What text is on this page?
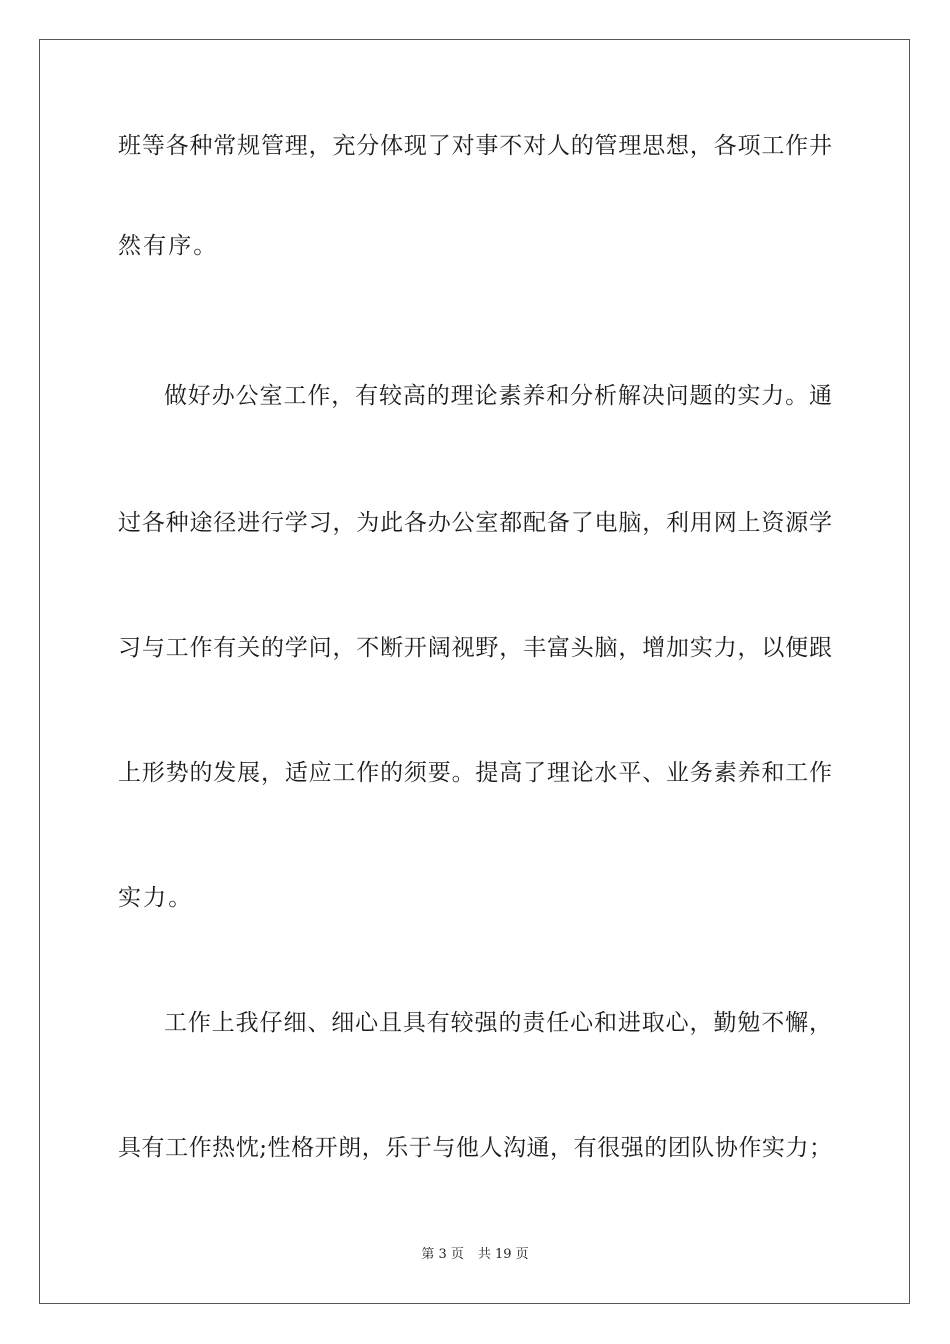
班等各种常规管理，充分体现了对事不对人的管理思想，各项工作井
然有序。
做好办公室工作，有较高的理论素养和分析解决问题的实力。通
过各种途径进行学习，为此各办公室都配备了电脑，利用网上资源学
习与工作有关的学问，不断开阔视野，丰富头脑，增加实力，以便跟
上形势的发展，适应工作的须要。提高了理论水平、业务素养和工作
实力。
工作上我仔细、细心且具有较强的责任心和进取心，勤勉不懈，
具有工作热忱;性格开朗，乐于与他人沟通，有很强的团队协作实力；
第 3 页 共 19 页
